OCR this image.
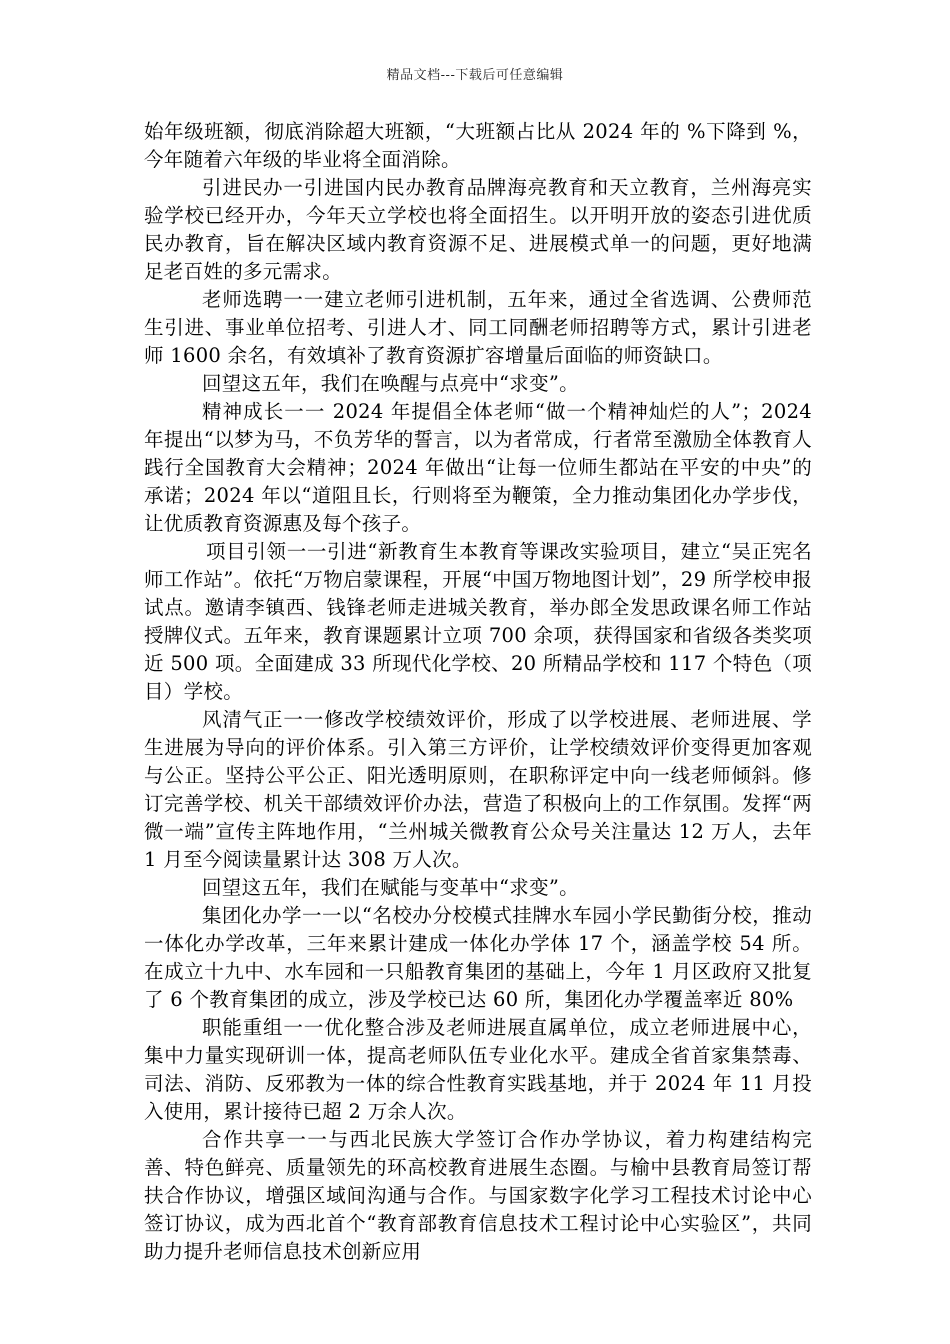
精品文档---下载后可任意编辑

始年级班额，彻底消除超大班额，“大班额占比从 2024 年的 %下降到 %，今年随着六年级的毕业将全面消除。

引进民办一引进国内民办教育品牌海亮教育和天立教育，兰州海亮实验学校已经开办，今年天立学校也将全面招生。以开明开放的姿态引进优质民办教育，旨在解决区域内教育资源不足、进展模式单一的问题，更好地满足老百姓的多元需求。

老师选聘一一建立老师引进机制，五年来，通过全省选调、公费师范生引进、事业单位招考、引进人才、同工同酬老师招聘等方式，累计引进老师 1600 余名，有效填补了教育资源扩容增量后面临的师资缺口。

回望这五年，我们在唤醒与点亮中“求变”。

精神成长一一 2024 年提倡全体老师“做一个精神灿烂的人”；2024 年提出“以梦为马，不负芳华的誓言，以为者常成，行者常至激励全体教育人践行全国教育大会精神；2024 年做出“让每一位师生都站在平安的中央”的承诺；2024 年以“道阻且长，行则将至为鞭策，全力推动集团化办学步伐，让优质教育资源惠及每个孩子。

项目引领一一引进“新教育生本教育等课改实验项目，建立“吴正宪名师工作站”。依托“万物启蒙课程，开展“中国万物地图计划”，29 所学校申报试点。邀请李镇西、钱锋老师走进城关教育，举办郎全发思政课名师工作站授牌仪式。五年来，教育课题累计立项 700 余项，获得国家和省级各类奖项近 500 项。全面建成 33 所现代化学校、20 所精品学校和 117 个特色（项目）学校。

风清气正一一修改学校绩效评价，形成了以学校进展、老师进展、学生进展为导向的评价体系。引入第三方评价，让学校绩效评价变得更加客观与公正。坚持公平公正、阳光透明原则，在职称评定中向一线老师倾斜。修订完善学校、机关干部绩效评价办法，营造了积极向上的工作氛围。发挥“两微一端”宣传主阵地作用，“兰州城关微教育公众号关注量达 12 万人，去年 1 月至今阅读量累计达 308 万人次。

回望这五年，我们在赋能与变革中“求变”。

集团化办学一一以“名校办分校模式挂牌水车园小学民勤街分校，推动一体化办学改革，三年来累计建成一体化办学体 17 个，涵盖学校 54 所。在成立十九中、水车园和一只船教育集团的基础上，今年 1 月区政府又批复了 6 个教育集团的成立，涉及学校已达 60 所，集团化办学覆盖率近 80%

职能重组一一优化整合涉及老师进展直属单位，成立老师进展中心，集中力量实现研训一体，提高老师队伍专业化水平。建成全省首家集禁毒、司法、消防、反邪教为一体的综合性教育实践基地，并于 2024 年 11 月投入使用，累计接待已超 2 万余人次。

合作共享一一与西北民族大学签订合作办学协议，着力构建结构完善、特色鲜亮、质量领先的环高校教育进展生态圈。与榆中县教育局签订帮扶合作协议，增强区域间沟通与合作。与国家数字化学习工程技术讨论中心签订协议，成为西北首个“教育部教育信息技术工程讨论中心实验区”，共同助力提升老师信息技术创新应用
